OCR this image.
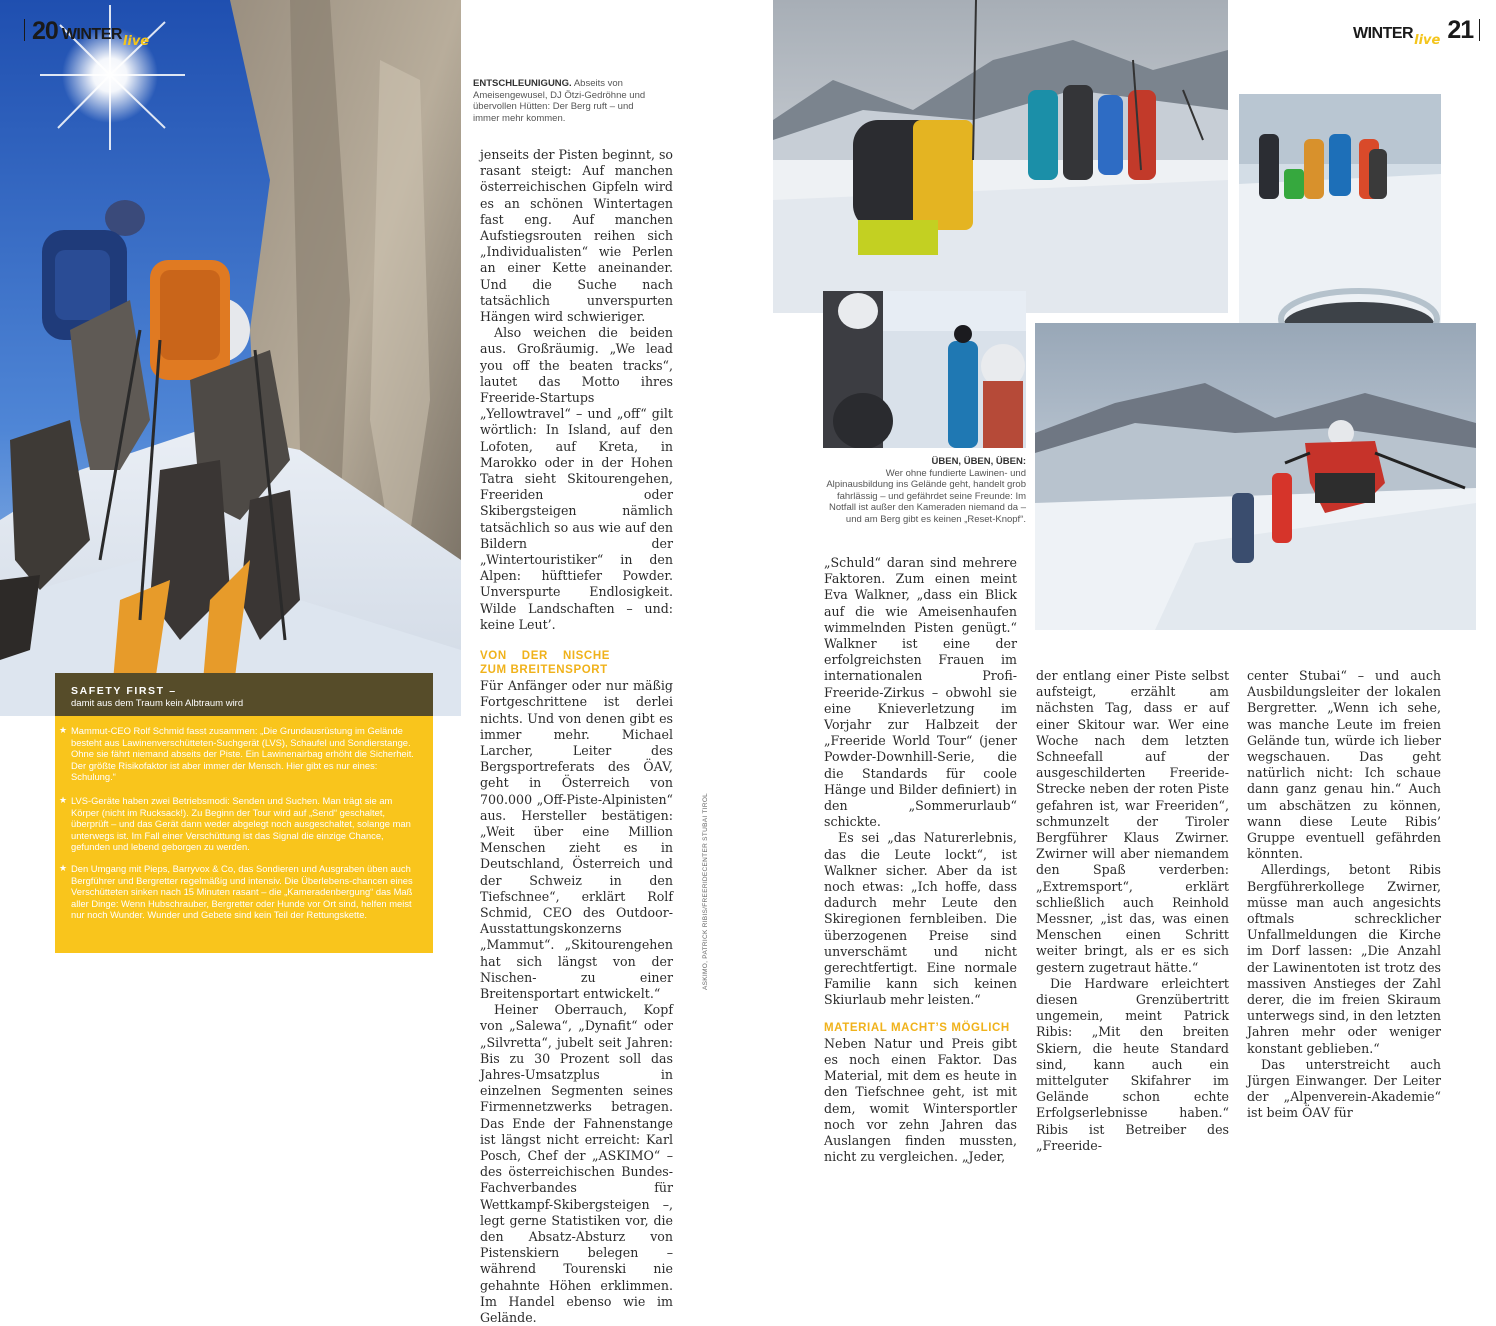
20 WINTER live
SAFETY FIRST –
damit aus dem Traum kein Albtraum wird
★ Mammut-CEO Rolf Schmid fasst zusammen: „Die Grundausrüstung im Gelände besteht aus Lawinenverschütteten-Suchgerät (LVS), Schaufel und Sondierstange. Ohne sie fährt niemand abseits der Piste. Ein Lawinenairbag erhöht die Sicherheit. Der größte Risikofaktor ist aber immer der Mensch. Hier gibt es nur eines: Schulung.“
★ LVS-Geräte haben zwei Betriebsmodi: Senden und Suchen. Man trägt sie am Körper (nicht im Rucksack!). Zu Beginn der Tour wird auf „Send“ geschaltet, überprüft – und das Gerät dann weder abgelegt noch ausgeschaltet, solange man unterwegs ist. Im Fall einer Verschüttung ist das Signal die einzige Chance, gefunden und lebend geborgen zu werden.
★ Den Umgang mit Pieps, Barryvox & Co, das Sondieren und Ausgraben üben auch Bergführer und Bergretter regelmäßig und intensiv. Die Überlebens-chancen eines Verschütteten sinken nach 15 Minuten rasant – die „Kameradenbergung“ das Maß aller Dinge: Wenn Hubschrauber, Bergretter oder Hunde vor Ort sind, helfen meist nur noch Wunder. Wunder und Gebete sind kein Teil der Rettungskette.
ENTSCHLEUNIGUNG. Abseits von Ameisengewusel, DJ Ötzi-Gedröhne und übervollen Hütten: Der Berg ruft – und immer mehr kommen.

jenseits der Pisten beginnt, so rasant steigt: Auf manchen österreichischen Gipfeln wird es an schönen Wintertagen fast eng. Auf manchen Aufstiegsrouten reihen sich „Individualisten“ wie Perlen an einer Kette aneinander. Und die Suche nach tatsächlich unverspurten Hängen wird schwieriger.

Also weichen die beiden aus. Großräumig. „We lead you off the beaten tracks“, lautet das Motto ihres Freeride-Startups „Yellowtravel“ – und „off“ gilt wörtlich: In Island, auf den Lofoten, auf Kreta, in Marokko oder in der Hohen Tatra sieht Skitourengehen, Freeriden oder Skibergsteigen nämlich tatsächlich so aus wie auf den Bildern der „Wintertouristiker“ in den Alpen: hüfttiefer Powder. Unverspurte Endlosigkeit. Wilde Landschaften – und: keine Leut’.

VON DER NISCHE ZUM BREITENSPORT

Für Anfänger oder nur mäßig Fortgeschrittene ist derlei nichts. Und von denen gibt es immer mehr. Michael Larcher, Leiter des Bergsportreferats des ÖAV, geht in Österreich von 700.000 „Off-Piste-Alpinisten“ aus. Hersteller bestätigen: „Weit über eine Million Menschen zieht es in Deutschland, Österreich und der Schweiz in den Tiefschnee“, erklärt Rolf Schmid, CEO des Outdoor-Ausstattungskonzerns „Mammut“. „Skitourengehen hat sich längst von der Nischen- zu einer Breitensportart entwickelt.“

Heiner Oberrauch, Kopf von „Salewa“, „Dynafit“ oder „Silvretta“, jubelt seit Jahren: Bis zu 30 Prozent soll das Jahres-Umsatzplus in einzelnen Segmenten seines Firmennetzwerks betragen. Das Ende der Fahnenstange ist längst nicht erreicht: Karl Posch, Chef der „ASKIMO“ – des österreichischen Bundes-Fachverbandes für Wettkampf-Skibergsteigen –, legt gerne Statistiken vor, die den Absatz-Absturz von Pistenskiern belegen – während Tourenski nie gehahnte Höhen erklimmen. Im Handel ebenso wie im Gelände.

ASKIMO, PATRICK RIBIS/FREERIDECENTER STUBAI TIROL
WINTER live 21
ÜBEN, ÜBEN, ÜBEN:
Wer ohne fundierte Lawinen- und Alpinausbildung ins Gelände geht, handelt grob fahrlässig – und gefährdet seine Freunde: Im Notfall ist außer den Kameraden niemand da – und am Berg gibt es keinen „Reset-Knopf“.

„Schuld“ daran sind mehrere Faktoren. Zum einen meint Eva Walkner, „dass ein Blick auf die wie Ameisenhaufen wimmelnden Pisten genügt.“ Walkner ist eine der erfolgreichsten Frauen im internationalen Profi-Freeride-Zirkus – obwohl sie eine Knieverletzung im Vorjahr zur Halbzeit der „Freeride World Tour“ (jener Powder-Downhill-Serie, die die Standards für coole Hänge und Bilder definiert) in den „Sommerurlaub“ schickte.

Es sei „das Naturerlebnis, das die Leute lockt“, ist Walkner sicher. Aber da ist noch etwas: „Ich hoffe, dass dadurch mehr Leute den Skiregionen fernbleiben. Die überzogenen Preise sind unverschämt und nicht gerechtfertigt. Eine normale Familie kann sich keinen Skiurlaub mehr leisten.“

MATERIAL MACHT’S MÖGLICH

Neben Natur und Preis gibt es noch einen Faktor. Das Material, mit dem es heute in den Tiefschnee geht, ist mit dem, womit Wintersportler noch vor zehn Jahren das Auslangen finden mussten, nicht zu vergleichen. „Jeder,

der entlang einer Piste selbst aufsteigt, erzählt am nächsten Tag, dass er auf einer Skitour war. Wer eine Woche nach dem letzten Schneefall auf der ausgeschilderten Freeride-Strecke neben der roten Piste gefahren ist, war Freeriden“, schmunzelt der Tiroler Bergführer Klaus Zwirner. Zwirner will aber niemandem den Spaß verderben: „Extremsport“, erklärt schließlich auch Reinhold Messner, „ist das, was einen Menschen einen Schritt weiter bringt, als er es sich gestern zugetraut hätte.“

Die Hardware erleichtert diesen Grenzübertritt ungemein, meint Patrick Ribis: „Mit den breiten Skiern, die heute Standard sind, kann auch ein mittelguter Skifahrer im Gelände schon echte Erfolgserlebnisse haben.“ Ribis ist Betreiber des „Freeride-

center Stubai“ – und auch Ausbildungsleiter der lokalen Bergretter. „Wenn ich sehe, was manche Leute im freien Gelände tun, würde ich lieber wegschauen. Das geht natürlich nicht: Ich schaue dann ganz genau hin.“ Auch um abschätzen zu können, wann diese Leute Ribis’ Gruppe eventuell gefährden könnten.

Allerdings, betont Ribis Bergführerkollege Zwirner, müsse man auch angesichts oftmals schrecklicher Unfallmeldungen die Kirche im Dorf lassen: „Die Anzahl der Lawinentoten ist trotz des massiven Anstieges der Zahl derer, die im freien Skiraum unterwegs sind, in den letzten Jahren mehr oder weniger konstant geblieben.“

Das unterstreicht auch Jürgen Einwanger. Der Leiter der „Alpenverein-Akademie“ ist beim ÖAV für
